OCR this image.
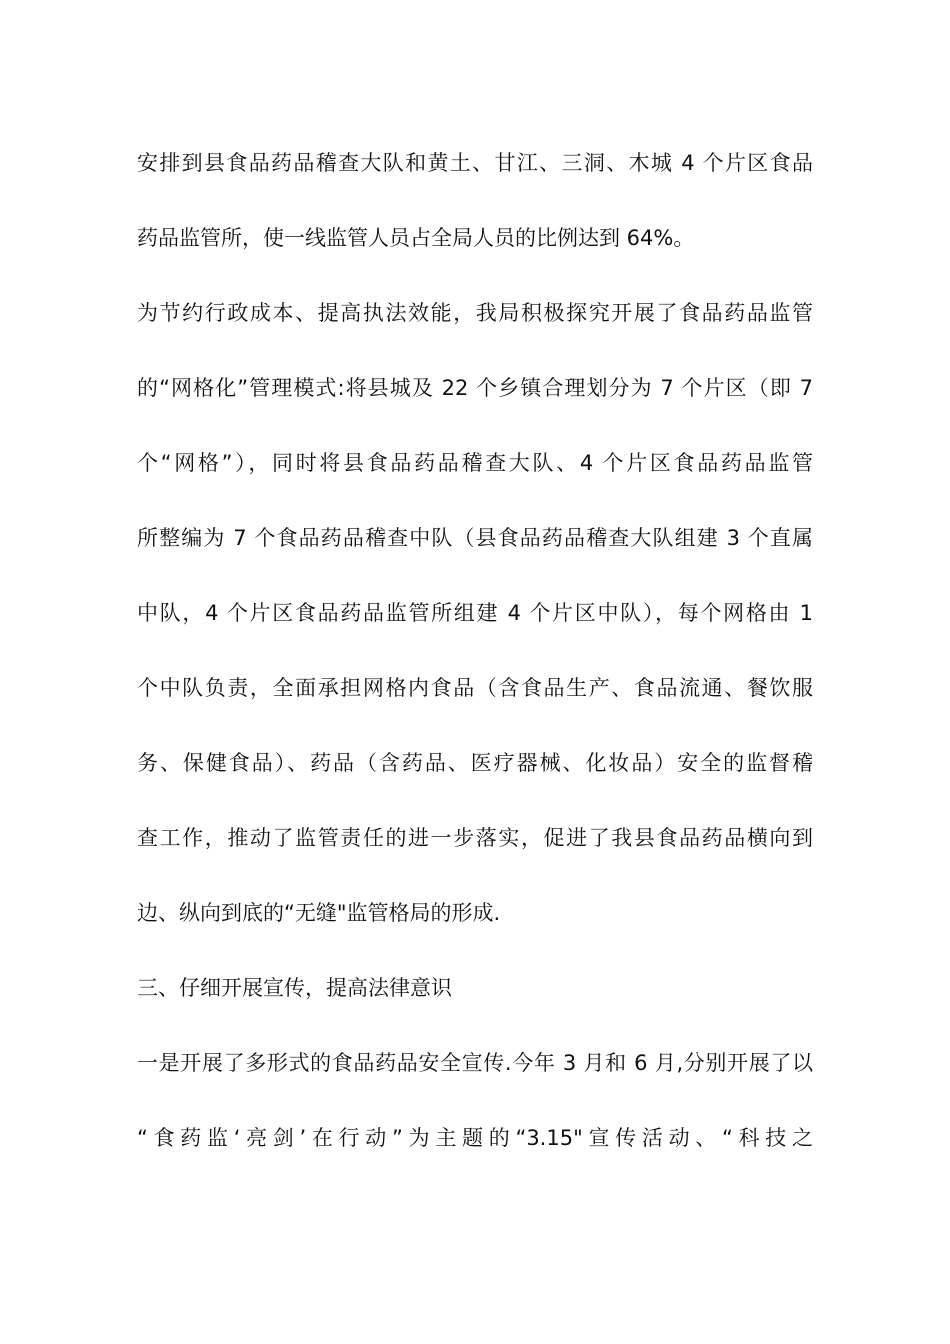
安排到县食品药品稽查大队和黄土、甘江、三洞、木城 4 个片区食品
药品监管所，使一线监管人员占全局人员的比例达到 64%。
为节约行政成本、提高执法效能，我局积极探究开展了食品药品监管
的“网格化”管理模式:将县城及 22 个乡镇合理划分为 7 个片区（即 7
个“网格”），同时将县食品药品稽查大队、4 个片区食品药品监管
所整编为 7 个食品药品稽查中队（县食品药品稽查大队组建 3 个直属
中队，4 个片区食品药品监管所组建 4 个片区中队），每个网格由 1
个中队负责，全面承担网格内食品（含食品生产、食品流通、餐饮服
务、保健食品）、药品（含药品、医疗器械、化妆品）安全的监督稽
查工作，推动了监管责任的进一步落实，促进了我县食品药品横向到
边、纵向到底的“无缝"监管格局的形成.
三、仔细开展宣传，提高法律意识
一是开展了多形式的食品药品安全宣传.今年 3 月和 6 月,分别开展了以
“食药监‘亮剑’在行动”为主题的“3.15"宣传活动、“科技之
